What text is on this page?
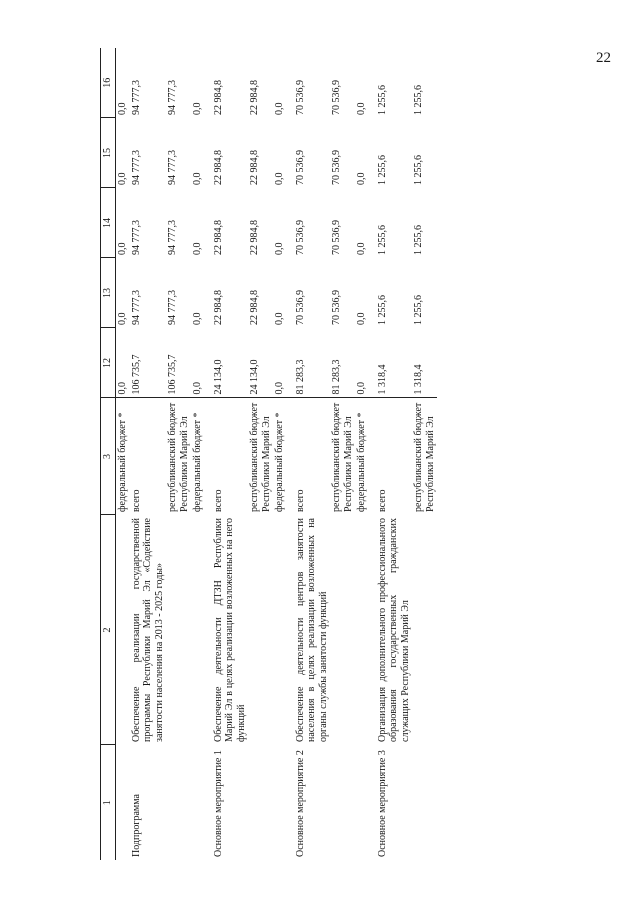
22
1	2	3	12	13	14	15	16
		федеральный бюджет *	0,0	0,0	0,0	0,0	0,0
Подпрограмма	Обеспечение реализации государственной программы Республики Марий Эл «Содействие занятости населения на 2013 - 2025 годы»	всего	106 735,7	94 777,3	94 777,3	94 777,3	94 777,3
		республиканский бюджет Республики Марий Эл	106 735,7	94 777,3	94 777,3	94 777,3	94 777,3
		федеральный бюджет *	0,0	0,0	0,0	0,0	0,0
Основное мероприятие 1	Обеспечение деятельности ДТЗН Республики Марий Эл в целях реализации возложенных на него функций	всего	24 134,0	22 984,8	22 984,8	22 984,8	22 984,8
		республиканский бюджет Республики Марий Эл	24 134,0	22 984,8	22 984,8	22 984,8	22 984,8
		федеральный бюджет *	0,0	0,0	0,0	0,0	0,0
Основное мероприятие 2	Обеспечение деятельности центров занятости населения в целях реализации возложенных на органы службы занятости функций	всего	81 283,3	70 536,9	70 536,9	70 536,9	70 536,9
		республиканский бюджет Республики Марий Эл	81 283,3	70 536,9	70 536,9	70 536,9	70 536,9
		федеральный бюджет *	0,0	0,0	0,0	0,0	0,0
Основное мероприятие 3	Организация дополнительного профессионального образования государственных гражданских служащих Республики Марий Эл	всего	1 318,4	1 255,6	1 255,6	1 255,6	1 255,6
		республиканский бюджет Республики Марий Эл	1 318,4	1 255,6	1 255,6	1 255,6	1 255,6
